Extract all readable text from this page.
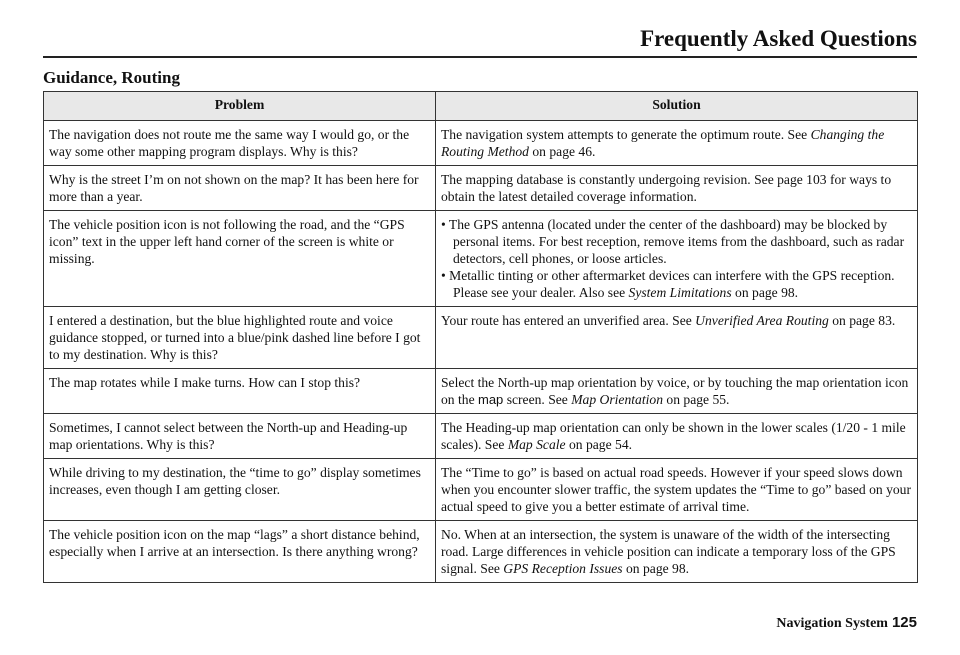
Frequently Asked Questions
Guidance, Routing
Problem	Solution
The navigation does not route me the same way I would go, or the way some other mapping program displays. Why is this?	The navigation system attempts to generate the optimum route. See Changing the Routing Method on page 46.
Why is the street I’m on not shown on the map? It has been here for more than a year.	The mapping database is constantly undergoing revision. See page 103 for ways to obtain the latest detailed coverage information.
The vehicle position icon is not following the road, and the “GPS icon” text in the upper left hand corner of the screen is white or missing.	• The GPS antenna (located under the center of the dashboard) may be blocked by personal items. For best reception, remove items from the dashboard, such as radar detectors, cell phones, or loose articles.
• Metallic tinting or other aftermarket devices can interfere with the GPS reception. Please see your dealer. Also see System Limitations on page 98.

I entered a destination, but the blue highlighted route and voice guidance stopped, or turned into a blue/pink dashed line before I got to my destination. Why is this?	Your route has entered an unverified area. See Unverified Area Routing on page 83.
The map rotates while I make turns. How can I stop this?	Select the North-up map orientation by voice, or by touching the map orientation icon on the map screen. See Map Orientation on page 55.
Sometimes, I cannot select between the North-up and Heading-up map orientations. Why is this?	The Heading-up map orientation can only be shown in the lower scales (1/20 - 1 mile scales). See Map Scale on page 54.
While driving to my destination, the “time to go” display sometimes increases, even though I am getting closer.	The “Time to go” is based on actual road speeds. However if your speed slows down when you encounter slower traffic, the system updates the “Time to go” based on your actual speed to give you a better estimate of arrival time.
The vehicle position icon on the map “lags” a short distance behind, especially when I arrive at an intersection. Is there anything wrong?	No. When at an intersection, the system is unaware of the width of the intersecting road. Large differences in vehicle position can indicate a temporary loss of the GPS signal. See GPS Reception Issues on page 98.
Navigation System 125
